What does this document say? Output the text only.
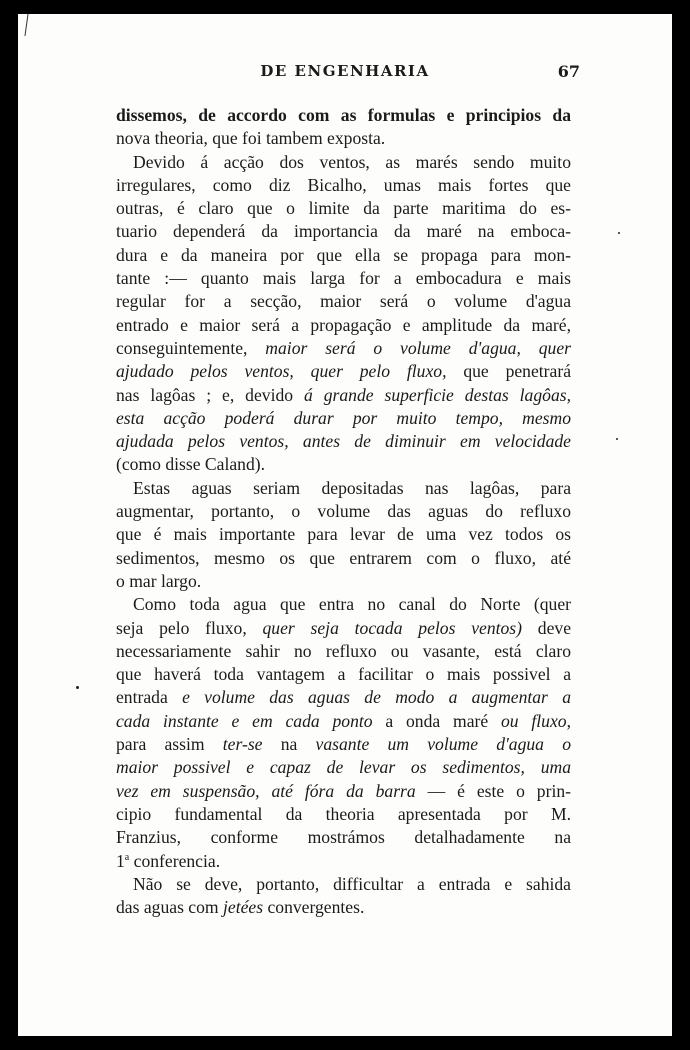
DE ENGENHARIA	67
dissemos, de accordo com as formulas e principios da
nova theoria, que foi tambem exposta.
Devido á acção dos ventos, as marés sendo muito
irregulares, como diz Bicalho, umas mais fortes que
outras, é claro que o limite da parte maritima do es-
tuario dependerá da importancia da maré na emboca-
dura e da maneira por que ella se propaga para mon-
tante :— quanto mais larga for a embocadura e mais
regular for a secção, maior será o volume d'agua
entrado e maior será a propagação e amplitude da maré,
conseguintemente, maior será o volume d'agua, quer
ajudado pelos ventos, quer pelo fluxo, que penetrará
nas lagôas ; e, devido á grande superficie destas lagôas,
esta acção poderá durar por muito tempo, mesmo
ajudada pelos ventos, antes de diminuir em velocidade
(como disse Caland).
Estas aguas seriam depositadas nas lagôas, para
augmentar, portanto, o volume das aguas do refluxo
que é mais importante para levar de uma vez todos os
sedimentos, mesmo os que entrarem com o fluxo, até
o mar largo.
Como toda agua que entra no canal do Norte (quer
seja pelo fluxo, quer seja tocada pelos ventos) deve
necessariamente sahir no refluxo ou vasante, está claro
que haverá toda vantagem a facilitar o mais possivel a
entrada e volume das aguas de modo a augmentar a
cada instante e em cada ponto a onda maré ou fluxo,
para assim ter-se na vasante um volume d'agua o
maior possivel e capaz de levar os sedimentos, uma
vez em suspensão, até fóra da barra — é este o prin-
cipio fundamental da theoria apresentada por M.
Franzius, conforme mostrámos detalhadamente na
1$^a$ conferencia.
Não se deve, portanto, difficultar a entrada e sahida
das aguas com jetées convergentes.
